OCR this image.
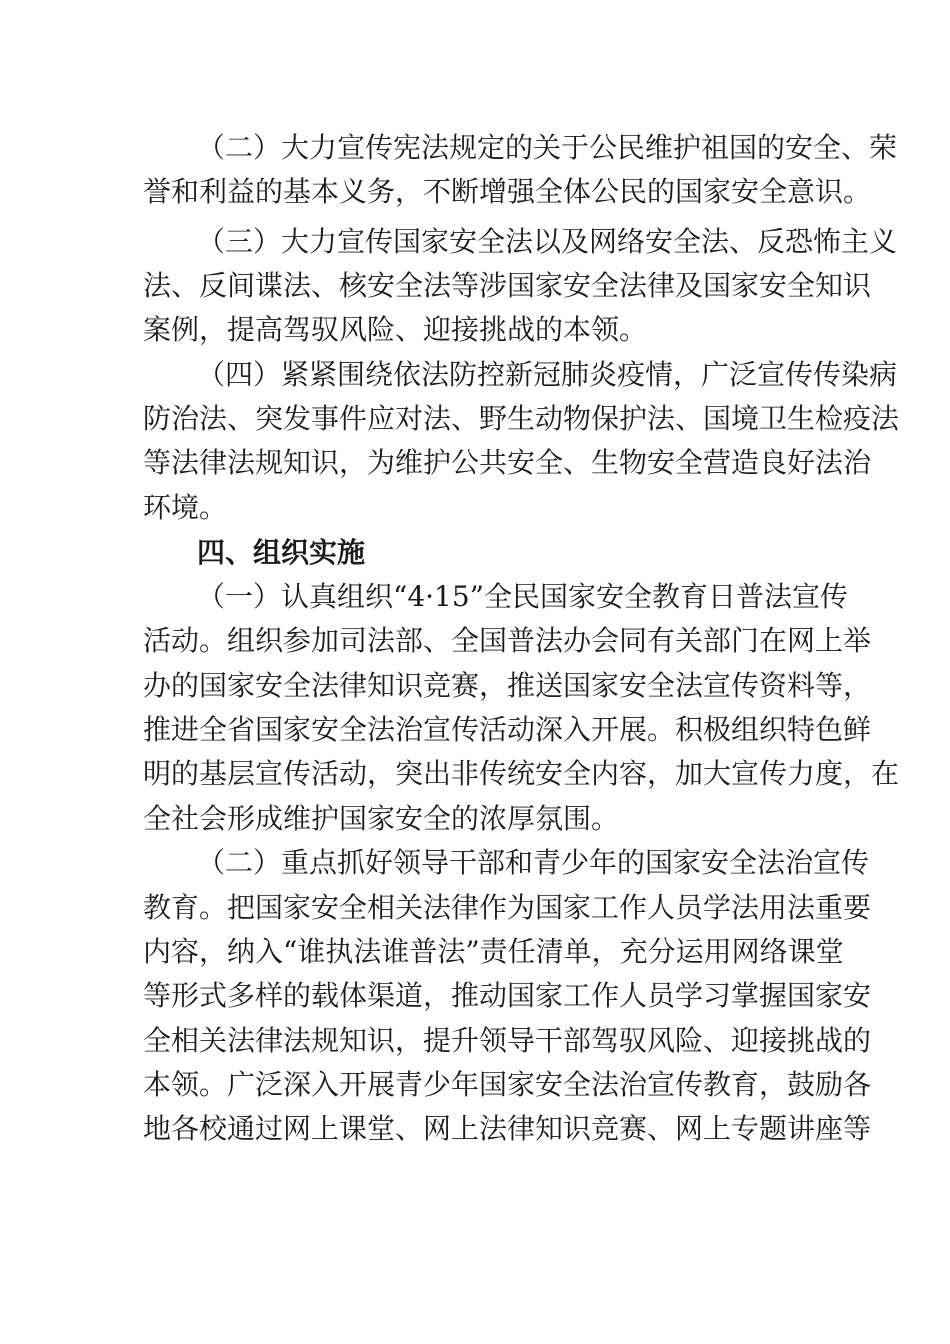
（二）大力宣传宪法规定的关于公民维护祖国的安全、荣
誉和利益的基本义务，不断增强全体公民的国家安全意识。
（三）大力宣传国家安全法以及网络安全法、反恐怖主义
法、反间谍法、核安全法等涉国家安全法律及国家安全知识
案例，提高驾驭风险、迎接挑战的本领。
（四）紧紧围绕依法防控新冠肺炎疫情，广泛宣传传染病
防治法、突发事件应对法、野生动物保护法、国境卫生检疫法
等法律法规知识，为维护公共安全、生物安全营造良好法治
环境。
四、组织实施
（一）认真组织“4·15”全民国家安全教育日普法宣传
活动。组织参加司法部、全国普法办会同有关部门在网上举
办的国家安全法律知识竞赛，推送国家安全法宣传资料等，
推进全省国家安全法治宣传活动深入开展。积极组织特色鲜
明的基层宣传活动，突出非传统安全内容，加大宣传力度，在
全社会形成维护国家安全的浓厚氛围。
（二）重点抓好领导干部和青少年的国家安全法治宣传
教育。把国家安全相关法律作为国家工作人员学法用法重要
内容，纳入“谁执法谁普法”责任清单，充分运用网络课堂
等形式多样的载体渠道，推动国家工作人员学习掌握国家安
全相关法律法规知识，提升领导干部驾驭风险、迎接挑战的
本领。广泛深入开展青少年国家安全法治宣传教育，鼓励各
地各校通过网上课堂、网上法律知识竞赛、网上专题讲座等
